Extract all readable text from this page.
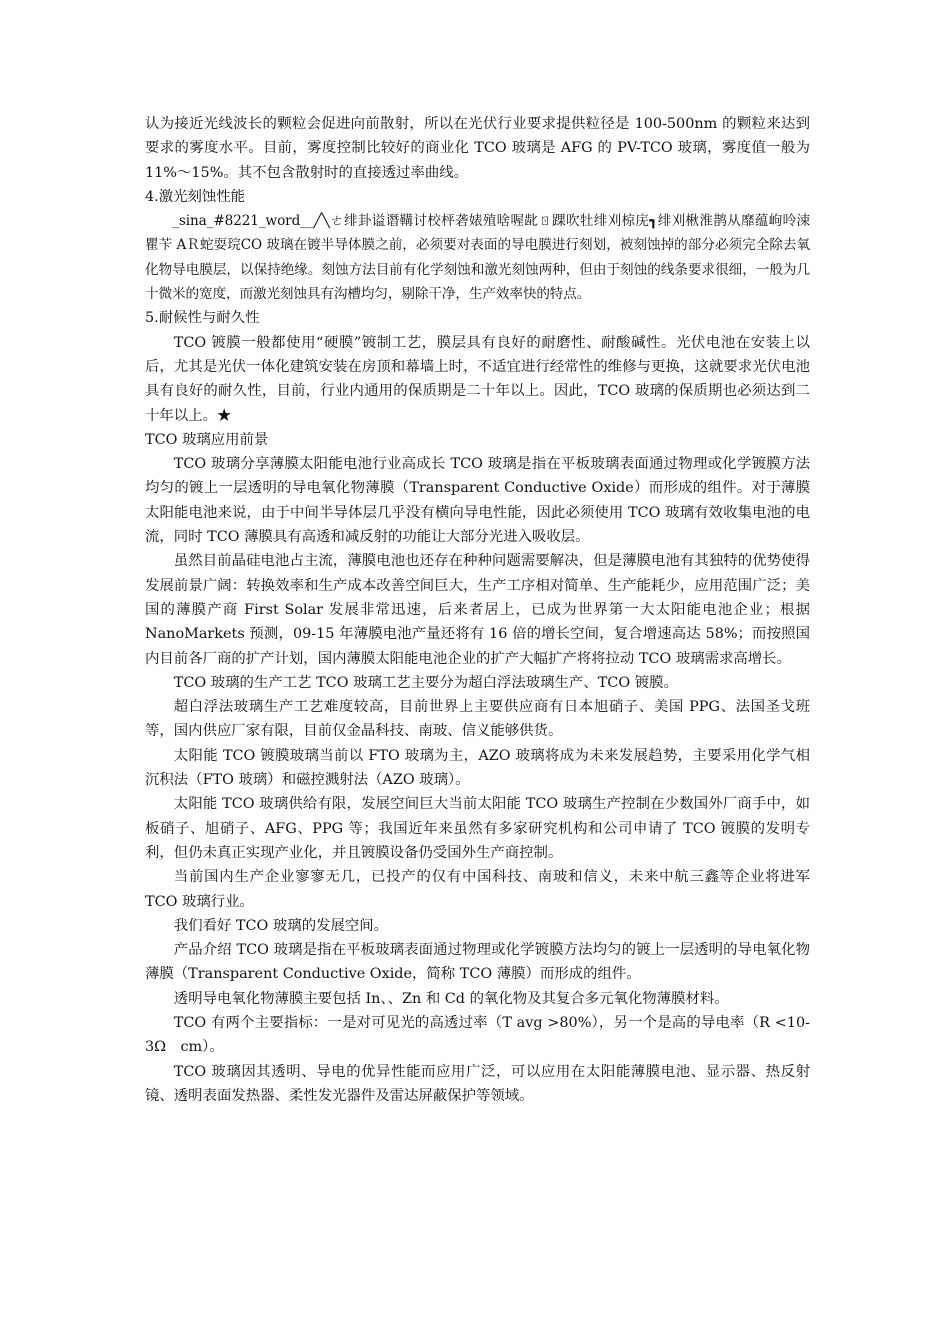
认为接近光线波长的颗粒会促进向前散射，所以在光伏行业要求提供粒径是 100-500nm 的颗粒来达到要求的雾度水平。目前，雾度控制比较好的商业化 TCO 玻璃是 AFG 的 PV-TCO 玻璃，雾度值一般为 11%～15%。其不包含散射时的直接透过率曲线。

4.激光刻蚀性能

_sina_#8221_word__╱╲ㄜ绯卦谥谮鞲讨校枰砻婊殖啥喔龀ㄖ踝吹牡绯刈椋庑┓绯刈楸淮鹊从靡蕴岣呤涑瞿苄 AＲ蛇耍琓CO 玻璃在镀半导体膜之前，必须要对表面的导电膜进行刻划，被刻蚀掉的部分必须完全除去氧化物导电膜层，以保持绝缘。刻蚀方法目前有化学刻蚀和激光刻蚀两种，但由于刻蚀的线条要求很细，一般为几十微米的宽度，而激光刻蚀具有沟槽均匀，剔除干净，生产效率快的特点。

5.耐候性与耐久性

TCO 镀膜一般都使用“硬膜”镀制工艺，膜层具有良好的耐磨性、耐酸碱性。光伏电池在安装上以后，尤其是光伏一体化建筑安装在房顶和幕墙上时，不适宜进行经常性的维修与更换，这就要求光伏电池具有良好的耐久性，目前，行业内通用的保质期是二十年以上。因此，TCO 玻璃的保质期也必须达到二十年以上。★

TCO 玻璃应用前景

TCO 玻璃分享薄膜太阳能电池行业高成长 TCO 玻璃是指在平板玻璃表面通过物理或化学镀膜方法均匀的镀上一层透明的导电氧化物薄膜（Transparent Conductive Oxide）而形成的组件。对于薄膜太阳能电池来说，由于中间半导体层几乎没有横向导电性能，因此必须使用 TCO 玻璃有效收集电池的电流，同时 TCO 薄膜具有高透和减反射的功能让大部分光进入吸收层。

虽然目前晶硅电池占主流，薄膜电池也还存在种种问题需要解决，但是薄膜电池有其独特的优势使得发展前景广阔：转换效率和生产成本改善空间巨大，生产工序相对简单、生产能耗少，应用范围广泛；美国的薄膜产商 First Solar 发展非常迅速，后来者居上，已成为世界第一大太阳能电池企业；根据 NanoMarkets 预测，09-15 年薄膜电池产量还将有 16 倍的增长空间，复合增速高达 58%；而按照国内目前各厂商的扩产计划，国内薄膜太阳能电池企业的扩产大幅扩产将将拉动 TCO 玻璃需求高增长。

TCO 玻璃的生产工艺 TCO 玻璃工艺主要分为超白浮法玻璃生产、TCO 镀膜。

超白浮法玻璃生产工艺难度较高，目前世界上主要供应商有日本旭硝子、美国 PPG、法国圣戈班等，国内供应厂家有限，目前仅金晶科技、南玻、信义能够供货。

太阳能 TCO 镀膜玻璃当前以 FTO 玻璃为主，AZO 玻璃将成为未来发展趋势，主要采用化学气相沉积法（FTO 玻璃）和磁控溅射法（AZO 玻璃）。

太阳能 TCO 玻璃供给有限，发展空间巨大当前太阳能 TCO 玻璃生产控制在少数国外厂商手中，如板硝子、旭硝子、AFG、PPG 等；我国近年来虽然有多家研究机构和公司申请了 TCO 镀膜的发明专利，但仍未真正实现产业化，并且镀膜设备仍受国外生产商控制。

当前国内生产企业寥寥无几，已投产的仅有中国科技、南玻和信义，未来中航三鑫等企业将进军 TCO 玻璃行业。

我们看好 TCO 玻璃的发展空间。

产品介绍 TCO 玻璃是指在平板玻璃表面通过物理或化学镀膜方法均匀的镀上一层透明的导电氧化物薄膜（Transparent Conductive Oxide，简称 TCO 薄膜）而形成的组件。

透明导电氧化物薄膜主要包括 In、、Zn 和 Cd 的氧化物及其复合多元氧化物薄膜材料。

TCO 有两个主要指标：一是对可见光的高透过率（T avg >80%），另一个是高的导电率（R <10-3Ω　cm）。

TCO 玻璃因其透明、导电的优异性能而应用广泛，可以应用在太阳能薄膜电池、显示器、热反射镜、透明表面发热器、柔性发光器件及雷达屏蔽保护等领域。
